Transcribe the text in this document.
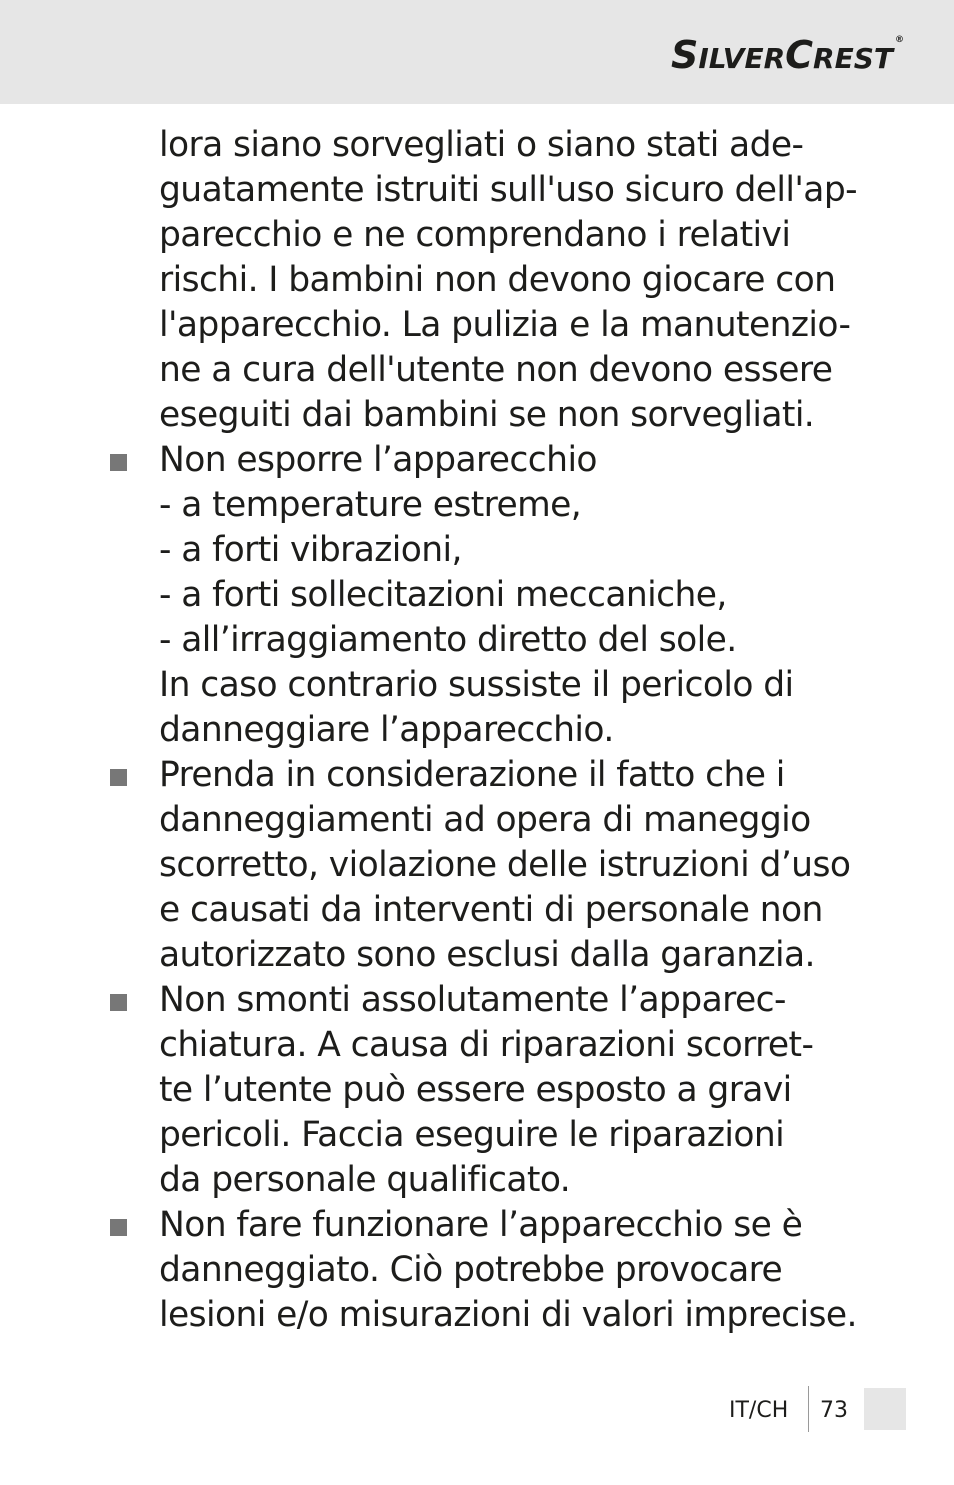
SILVERCREST®
lora siano sorvegliati o siano stati ade-
guatamente istruiti sull'uso sicuro dell'ap-
parecchio e ne comprendano i relativi
rischi. I bambini non devono giocare con
l'apparecchio. La pulizia e la manutenzio-
ne a cura dell'utente non devono essere
eseguiti dai bambini se non sorvegliati.
Non esporre l’apparecchio
- a temperature estreme,
- a forti vibrazioni,
- a forti sollecitazioni meccaniche,
- all’irraggiamento diretto del sole.
In caso contrario sussiste il pericolo di
danneggiare l’apparecchio.
Prenda in considerazione il fatto che i
danneggiamenti ad opera di maneggio
scorretto, violazione delle istruzioni d’uso
e causati da interventi di personale non
autorizzato sono esclusi dalla garanzia.
Non smonti assolutamente l’apparec-
chiatura. A causa di riparazioni scorret-
te l’utente può essere esposto a gravi
pericoli. Faccia eseguire le riparazioni
da personale qualificato.
Non fare funzionare l’apparecchio se è
danneggiato. Ciò potrebbe provocare
lesioni e/o misurazioni di valori imprecise.
IT/CH 73
